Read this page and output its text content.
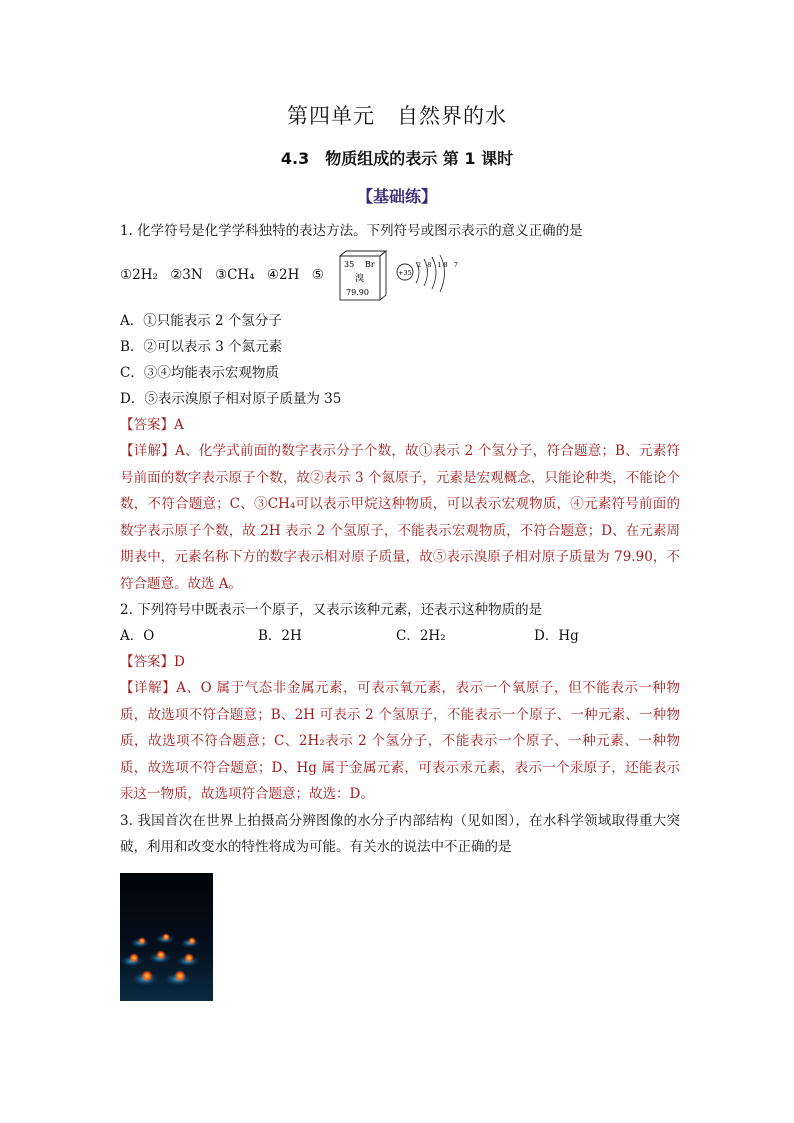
第四单元　自然界的水
4.3　物质组成的表示 第 1 课时
【基础练】
1. 化学符号是化学学科独特的表达方法。下列符号或图示表示的意义正确的是
①2H₂ ②3N ③CH₄ ④2H ⑤
35 Br
溴
79.90
+35
2 8 18 7
A．①只能表示 2 个氢分子
B．②可以表示 3 个氮元素
C．③④均能表示宏观物质
D．⑤表示溴原子相对原子质量为 35
【答案】A
【详解】A、化学式前面的数字表示分子个数，故①表示 2 个氢分子，符合题意；B、元素符号前面的数字表示原子个数，故②表示 3 个氮原子，元素是宏观概念，只能论种类，不能论个数，不符合题意；C、③CH₄可以表示甲烷这种物质，可以表示宏观物质，④元素符号前面的数字表示原子个数，故 2H 表示 2 个氢原子，不能表示宏观物质，不符合题意；D、在元素周期表中，元素名称下方的数字表示相对原子质量，故⑤表示溴原子相对原子质量为 79.90，不符合题意。故选 A。
2. 下列符号中既表示一个原子，又表示该种元素，还表示这种物质的是
A．O	B．2H	C．2H₂	D．Hg
【答案】D
【详解】A、O 属于气态非金属元素，可表示氧元素，表示一个氧原子，但不能表示一种物质，故选项不符合题意；B、2H 可表示 2 个氢原子，不能表示一个原子、一种元素、一种物质，故选项不符合题意；C、2H₂表示 2 个氢分子，不能表示一个原子、一种元素、一种物质，故选项不符合题意；D、Hg 属于金属元素，可表示汞元素，表示一个汞原子，还能表示汞这一物质，故选项符合题意；故选：D。
3. 我国首次在世界上拍摄高分辨图像的水分子内部结构（见如图），在水科学领域取得重大突破，利用和改变水的特性将成为可能。有关水的说法中不正确的是
